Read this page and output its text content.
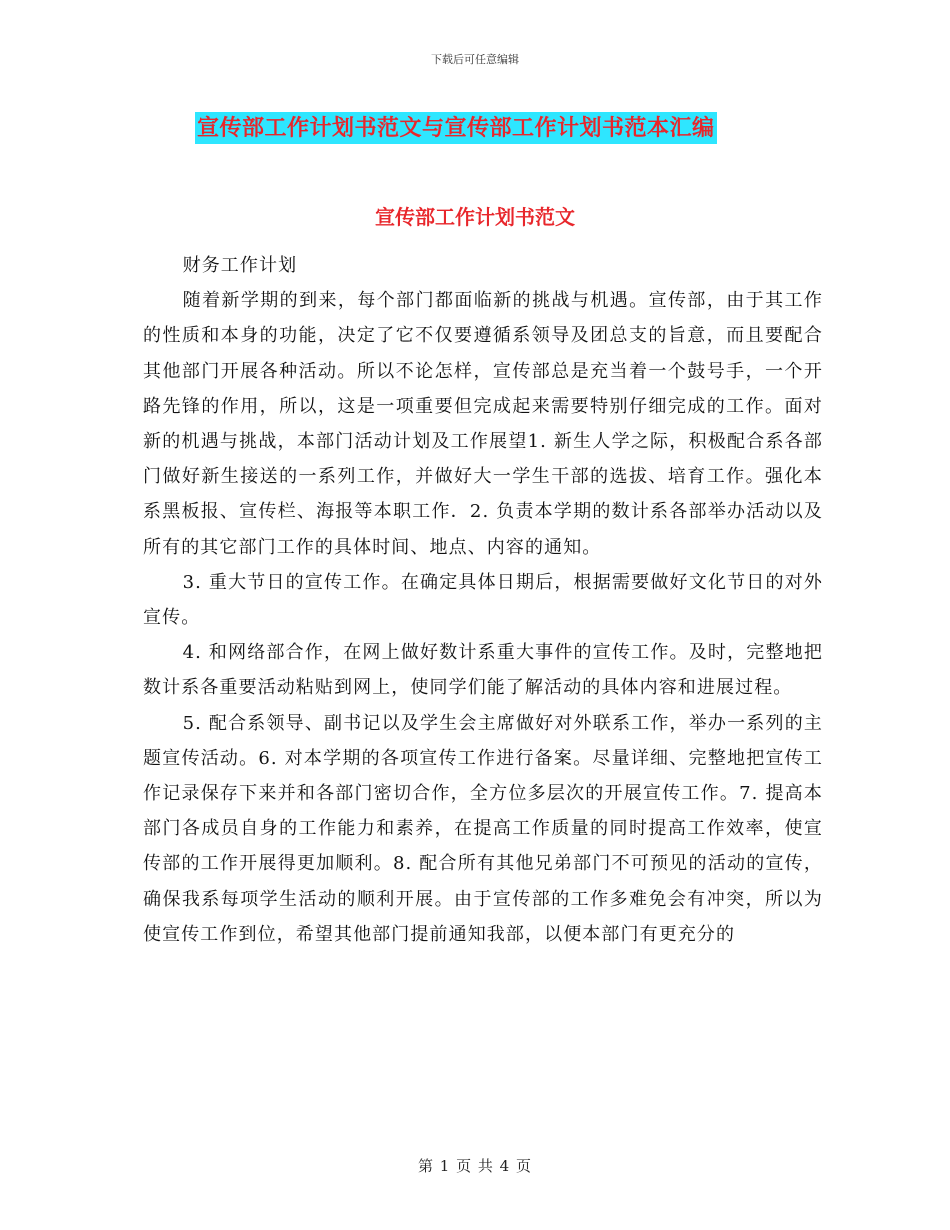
下载后可任意编辑
宣传部工作计划书范文与宣传部工作计划书范本汇编
宣传部工作计划书范文

财务工作计划

随着新学期的到来，每个部门都面临新的挑战与机遇。宣传部，由于其工作的性质和本身的功能，决定了它不仅要遵循系领导及团总支的旨意，而且要配合其他部门开展各种活动。所以不论怎样，宣传部总是充当着一个鼓号手，一个开路先锋的作用，所以，这是一项重要但完成起来需要特别仔细完成的工作。面对新的机遇与挑战，本部门活动计划及工作展望1. 新生人学之际，积极配合系各部门做好新生接送的一系列工作，并做好大一学生干部的选拔、培育工作。强化本系黑板报、宣传栏、海报等本职工作．2. 负责本学期的数计系各部举办活动以及所有的其它部门工作的具体时间、地点、内容的通知。

3. 重大节日的宣传工作。在确定具体日期后，根据需要做好文化节日的对外宣传。

4. 和网络部合作，在网上做好数计系重大事件的宣传工作。及时，完整地把数计系各重要活动粘贴到网上，使同学们能了解活动的具体内容和进展过程。

5. 配合系领导、副书记以及学生会主席做好对外联系工作，举办一系列的主题宣传活动。6. 对本学期的各项宣传工作进行备案。尽量详细、完整地把宣传工作记录保存下来并和各部门密切合作，全方位多层次的开展宣传工作。7. 提高本部门各成员自身的工作能力和素养，在提高工作质量的同时提高工作效率，使宣传部的工作开展得更加顺利。8. 配合所有其他兄弟部门不可预见的活动的宣传，确保我系每项学生活动的顺利开展。由于宣传部的工作多难免会有冲突，所以为使宣传工作到位，希望其他部门提前通知我部，以便本部门有更充分的

第 1 页 共 4 页
